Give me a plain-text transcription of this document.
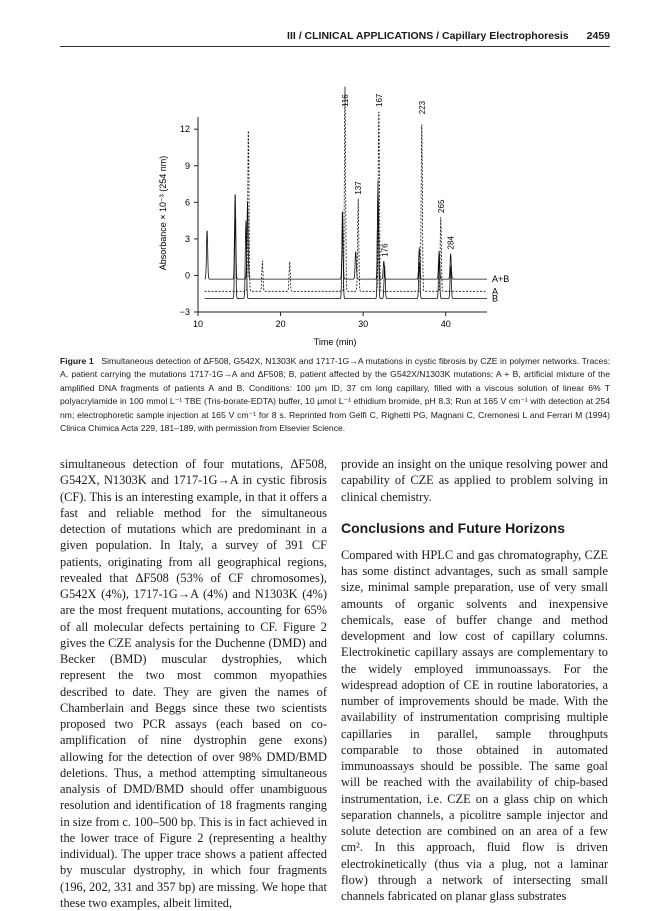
III / CLINICAL APPLICATIONS / Capillary Electrophoresis 2459
10	20	30	40
−3
0
3
6
9
12
A+B
A
B
116
137
167
176
223
265
284
Time (min)
Absorbance × 10⁻³ (254 nm)
Figure 1 Simultaneous detection of ΔF508, G542X, N1303K and 1717-1G→A mutations in cystic fibrosis by CZE in polymer networks. Traces: A, patient carrying the mutations 1717-1G→A and ΔF508; B, patient affected by the G542X/N1303K mutations; A + B, artificial mixture of the amplified DNA fragments of patients A and B. Conditions: 100 μm ID, 37 cm long capillary, filled with a viscous solution of linear 6% T polyacrylamide in 100 mmol L⁻¹ TBE (Tris-borate-EDTA) buffer, 10 μmol L⁻¹ ethidium bromide, pH 8.3; Run at 165 V cm⁻¹ with detection at 254 nm; electrophoretic sample injection at 165 V cm⁻¹ for 8 s. Reprinted from Gelfi C, Righetti PG, Magnani C, Cremonesi L and Ferrari M (1994) Clinica Chimica Acta 229, 181–189, with permission from Elsevier Science.

simultaneous detection of four mutations, ΔF508, G542X, N1303K and 1717-1G→A in cystic fibrosis (CF). This is an interesting example, in that it offers a fast and reliable method for the simultaneous detection of mutations which are predominant in a given population. In Italy, a survey of 391 CF patients, originating from all geographical regions, revealed that ΔF508 (53% of CF chromosomes), G542X (4%), 1717-1G→A (4%) and N1303K (4%) are the most frequent mutations, accounting for 65% of all molecular defects pertaining to CF. Figure 2 gives the CZE analysis for the Duchenne (DMD) and Becker (BMD) muscular dystrophies, which represent the two most common myopathies described to date. They are given the names of Chamberlain and Beggs since these two scientists proposed two PCR assays (each based on co-amplification of nine dystrophin gene exons) allowing for the detection of over 98% DMD/BMD deletions. Thus, a method attempting simultaneous analysis of DMD/BMD should offer unambiguous resolution and identification of 18 fragments ranging in size from c. 100–500 bp. This is in fact achieved in the lower trace of Figure 2 (representing a healthy individual). The upper trace shows a patient affected by muscular dystrophy, in which four fragments (196, 202, 331 and 357 bp) are missing. We hope that these two examples, albeit limited,

provide an insight on the unique resolving power and capability of CZE as applied to problem solving in clinical chemistry.

Conclusions and Future Horizons

Compared with HPLC and gas chromatography, CZE has some distinct advantages, such as small sample size, minimal sample preparation, use of very small amounts of organic solvents and inexpensive chemicals, ease of buffer change and method development and low cost of capillary columns. Electrokinetic capillary assays are complementary to the widely employed immunoassays. For the widespread adoption of CE in routine laboratories, a number of improvements should be made. With the availability of instrumentation comprising multiple capillaries in parallel, sample throughputs comparable to those obtained in automated immunoassays should be possible. The same goal will be reached with the availability of chip-based instrumentation, i.e. CZE on a glass chip on which separation channels, a picolitre sample injector and solute detection are combined on an area of a few cm². In this approach, fluid flow is driven electrokinetically (thus via a plug, not a laminar flow) through a network of intersecting small channels fabricated on planar glass substrates
